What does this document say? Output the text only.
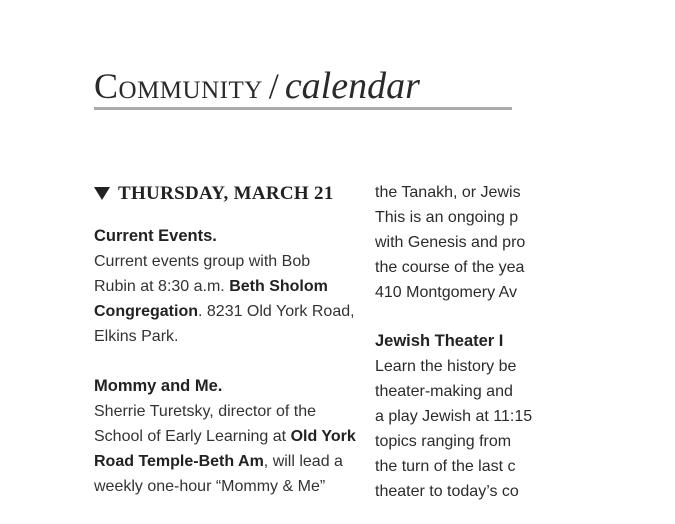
Community / calendar
THURSDAY, MARCH 21

Current Events.

Current events group with Bob Rubin at 8:30 a.m. Beth Sholom Congregation. 8231 Old York Road, Elkins Park.

Mommy and Me.

Sherrie Turetsky, director of the School of Early Learning at Old York Road Temple-Beth Am, will lead a weekly one-hour “Mommy & Me”

the Tanakh, or Jewis
This is an ongoing p
with Genesis and pro
the course of the yea
410 Montgomery Av
Jewish Theater I
Learn the history be
theater-making and
a play Jewish at 11:15
topics ranging from
the turn of the last c
theater to today’s co
